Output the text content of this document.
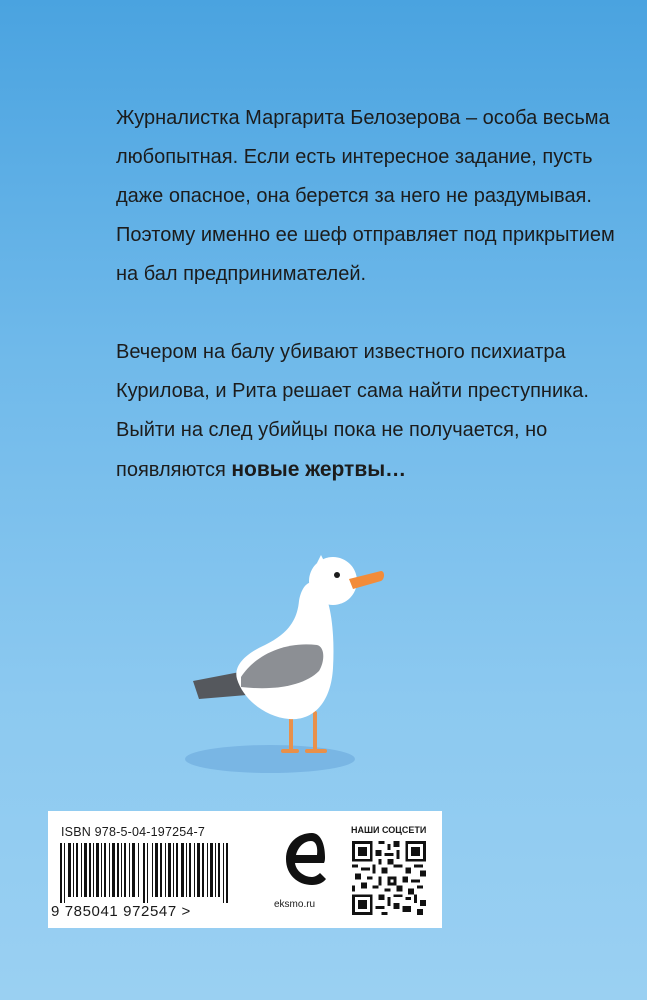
Журналистка Маргарита Белозерова – особа весьма любопытная. Если есть интересное задание, пусть даже опасное, она берется за него не раздумывая. Поэтому именно ее шеф отправляет под прикрытием на бал предпринимателей.

Вечером на балу убивают известного психиатра Курилова, и Рита решает сама найти преступника. Выйти на след убийцы пока не получается, но появляются новые жертвы…

ISBN 978-5-04-197254-7
9 785041 972547 >	eksmo.ru
НАШИ СОЦСЕТИ
